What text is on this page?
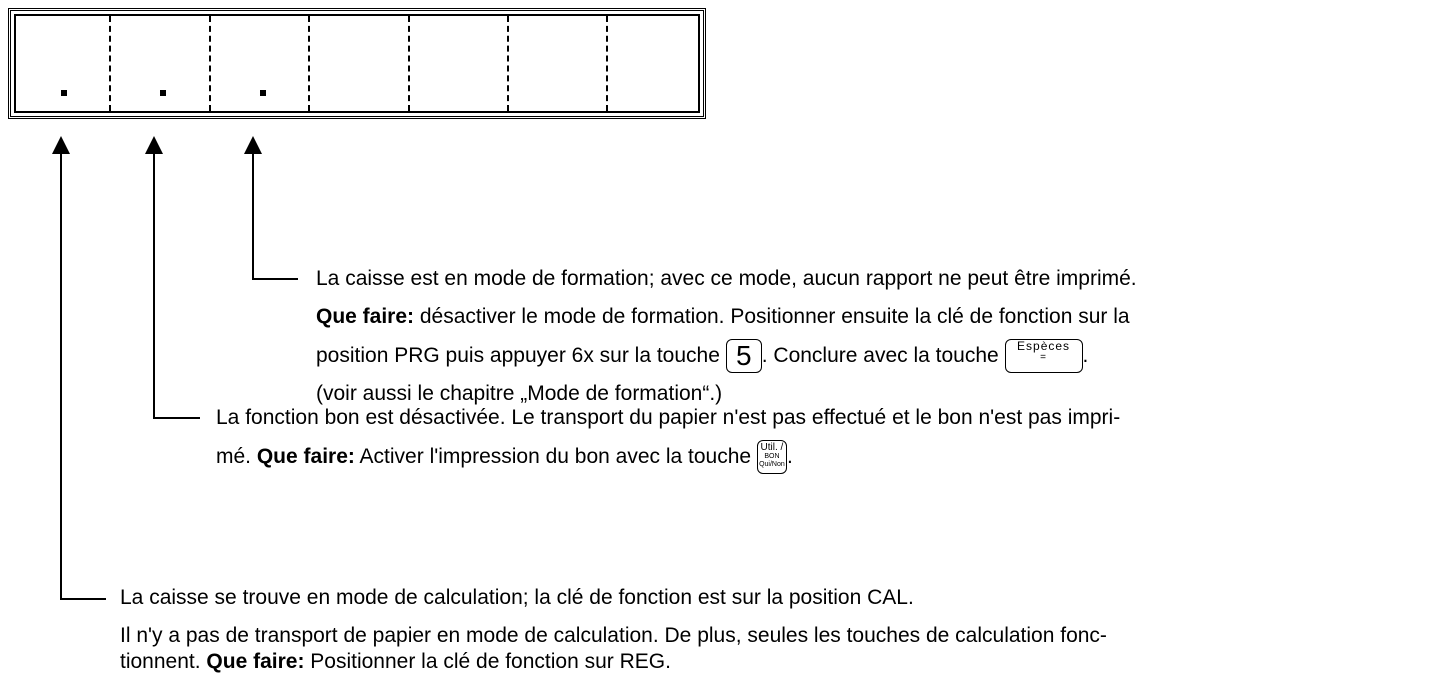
La caisse est en mode de formation; avec ce mode, aucun rapport ne peut être imprimé.
Que faire: désactiver le mode de formation. Positionner ensuite la clé de fonction sur la
position PRG puis appuyer 6x sur la touche 5 . Conclure avec la touche Espèces
=	.
(voir aussi le chapitre „Mode de formation“.)
La fonction bon est désactivée. Le transport du papier n'est pas effectué et le bon n'est pas impri-
mé. Que faire: Activer l'impression du bon avec la touche Util. /
BON
Qui/Non .
La caisse se trouve en mode de calculation; la clé de fonction est sur la position CAL.
Il n'y a pas de transport de papier en mode de calculation. De plus, seules les touches de calculation fonc-
tionnent. Que faire: Positionner la clé de fonction sur REG.
